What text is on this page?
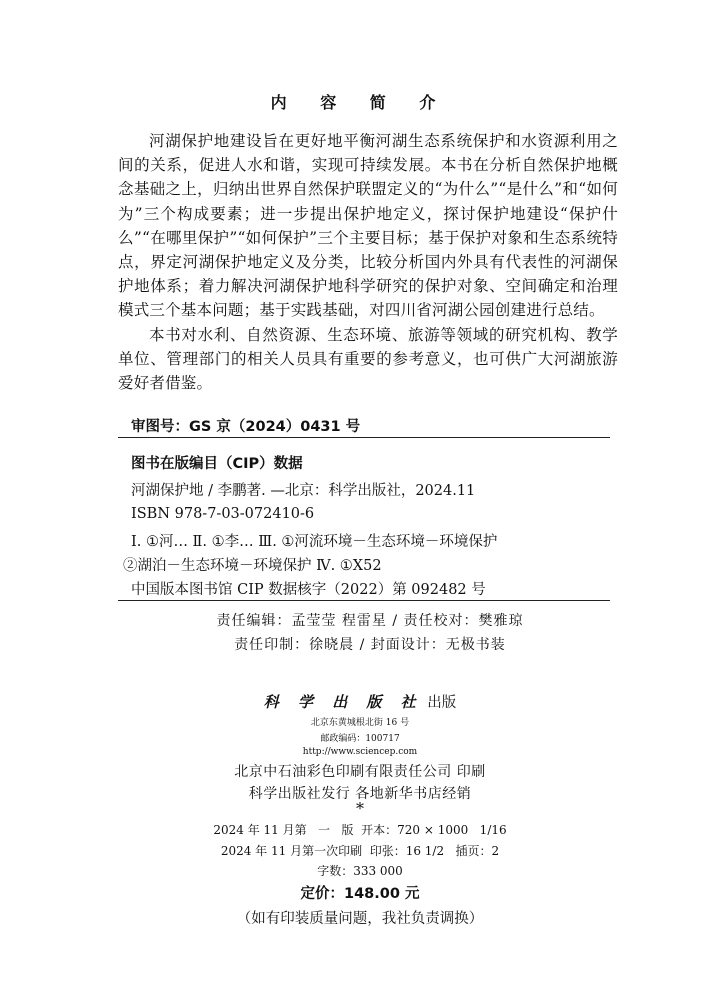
内 容 简 介

河湖保护地建设旨在更好地平衡河湖生态系统保护和水资源利用之间的关系，促进人水和谐，实现可持续发展。本书在分析自然保护地概念基础之上，归纳出世界自然保护联盟定义的“为什么”“是什么”和“如何为”三个构成要素；进一步提出保护地定义，探讨保护地建设“保护什么”“在哪里保护”“如何保护”三个主要目标；基于保护对象和生态系统特点，界定河湖保护地定义及分类，比较分析国内外具有代表性的河湖保护地体系；着力解决河湖保护地科学研究的保护对象、空间确定和治理模式三个基本问题；基于实践基础，对四川省河湖公园创建进行总结。

本书对水利、自然资源、生态环境、旅游等领域的研究机构、教学单位、管理部门的相关人员具有重要的参考意义，也可供广大河湖旅游爱好者借鉴。

审图号：GS 京（2024）0431 号
图书在版编目（CIP）数据
河湖保护地 / 李鹏著. —北京：科学出版社，2024.11
ISBN 978-7-03-072410-6
Ⅰ. ①河… Ⅱ. ①李… Ⅲ. ①河流环境－生态环境－环境保护
②湖泊－生态环境－环境保护 Ⅳ. ①X52
中国版本图书馆 CIP 数据核字（2022）第 092482 号
责任编辑：孟莹莹 程雷星 / 责任校对：樊雅琼
责任印制：徐晓晨 / 封面设计：无极书装
科 学 出 版 社 出版
北京东黄城根北街 16 号
邮政编码：100717
http://www.sciencep.com
北京中石油彩色印刷有限责任公司 印刷
科学出版社发行 各地新华书店经销
*
2024 年 11 月第   一   版  开本：720 × 1000   1/16
2024 年 11 月第一次印刷  印张：16 1/2   插页：2
字数：333 000
定价：148.00 元
（如有印装质量问题，我社负责调换）
